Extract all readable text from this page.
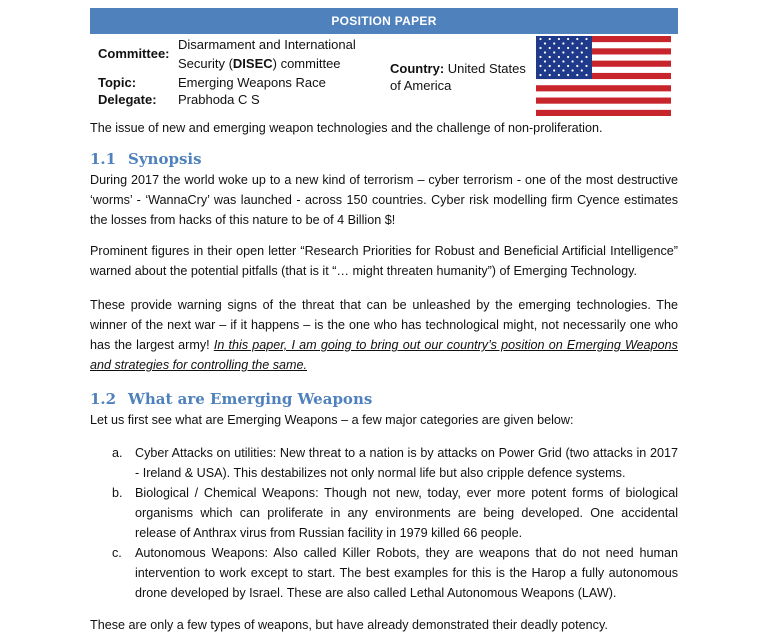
POSITION PAPER
Committee:
Disarmament and International
Security (DISEC) committee
Topic:	Emerging Weapons Race
Delegate: Prabhoda C S
Country: United States
of America

The issue of new and emerging weapon technologies and the challenge of non-proliferation.

1.1 Synopsis

During 2017 the world woke up to a new kind of terrorism – cyber terrorism - one of the most destructive ‘worms’ - ‘WannaCry’ was launched - across 150 countries. Cyber risk modelling firm Cyence estimates the losses from hacks of this nature to be of 4 Billion $!

Prominent figures in their open letter “Research Priorities for Robust and Beneficial Artificial Intelligence” warned about the potential pitfalls (that is it “… might threaten humanity”) of Emerging Technology.

These provide warning signs of the threat that can be unleashed by the emerging technologies. The winner of the next war – if it happens – is the one who has technological might, not necessarily one who has the largest army! In this paper, I am going to bring out our country’s position on Emerging Weapons and strategies for controlling the same.

1.2 What are Emerging Weapons

Let us first see what are Emerging Weapons – a few major categories are given below:

a. Cyber Attacks on utilities: New threat to a nation is by attacks on Power Grid (two attacks in 2017 - Ireland & USA). This destabilizes not only normal life but also cripple defence systems.
b. Biological / Chemical Weapons: Though not new, today, ever more potent forms of biological organisms which can proliferate in any environments are being developed. One accidental release of Anthrax virus from Russian facility in 1979 killed 66 people.
c. Autonomous Weapons: Also called Killer Robots, they are weapons that do not need human intervention to work except to start. The best examples for this is the Harop a fully autonomous drone developed by Israel. These are also called Lethal Autonomous Weapons (LAW).

These are only a few types of weapons, but have already demonstrated their deadly potency.
